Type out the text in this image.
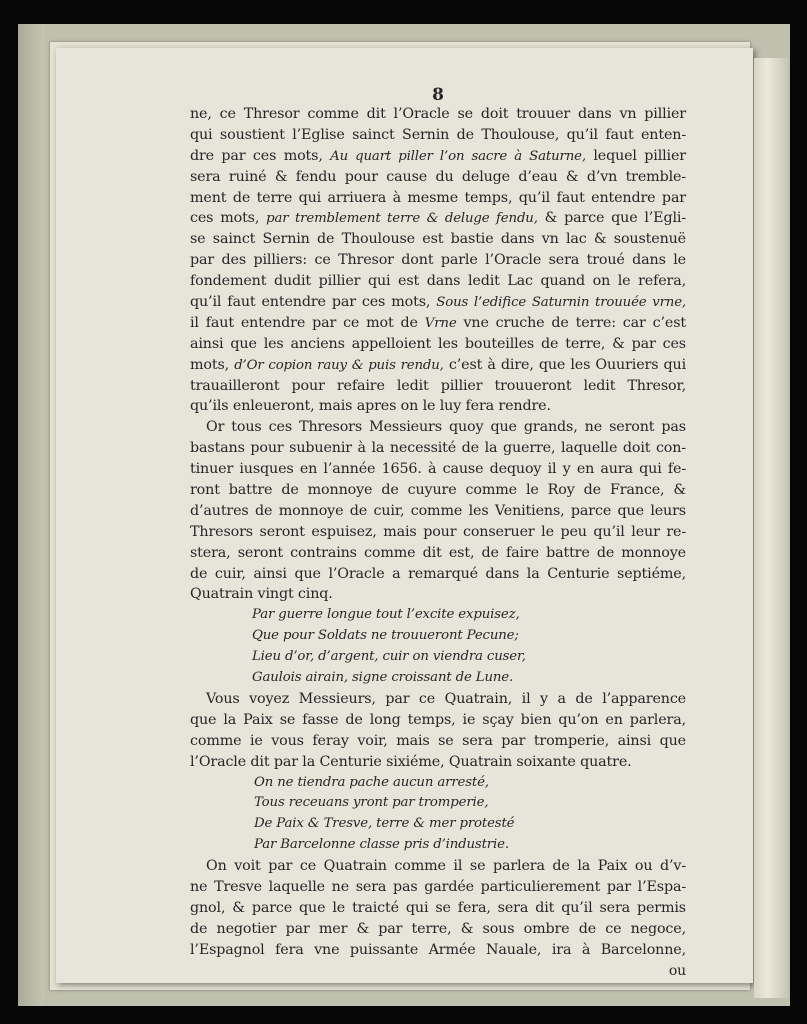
8
ne, ce Thresor comme dit l’Oracle se doit trouuer dans vn pillier
qui soustient l’Eglise sainct Sernin de Thoulouse, qu’il faut enten-
dre par ces mots, Au quart piller l’on sacre à Saturne, lequel pillier
sera ruiné & fendu pour cause du deluge d’eau & d’vn tremble-
ment de terre qui arriuera à mesme temps, qu’il faut entendre par
ces mots, par tremblement terre & deluge fendu, & parce que l’Egli-
se sainct Sernin de Thoulouse est bastie dans vn lac & soustenuë
par des pilliers: ce Thresor dont parle l’Oracle sera troué dans le
fondement dudit pillier qui est dans ledit Lac quand on le refera,
qu’il faut entendre par ces mots, Sous l’edifice Saturnin trouuée vrne,
il faut entendre par ce mot de Vrne vne cruche de terre: car c’est
ainsi que les anciens appelloient les bouteilles de terre, & par ces
mots, d’Or copion rauy & puis rendu, c’est à dire, que les Ouuriers qui
trauailleront pour refaire ledit pillier trouueront ledit Thresor,
qu’ils enleueront, mais apres on le luy fera rendre.
Or tous ces Thresors Messieurs quoy que grands, ne seront pas
bastans pour subuenir à la necessité de la guerre, laquelle doit con-
tinuer iusques en l’année 1656. à cause dequoy il y en aura qui fe-
ront battre de monnoye de cuyure comme le Roy de France, &
d’autres de monnoye de cuir, comme les Venitiens, parce que leurs
Thresors seront espuisez, mais pour conseruer le peu qu’il leur re-
stera, seront contrains comme dit est, de faire battre de monnoye
de cuir, ainsi que l’Oracle a remarqué dans la Centurie septiéme,
Quatrain vingt cinq.
Par guerre longue tout l’excite expuisez,
Que pour Soldats ne trouueront Pecune;
Lieu d’or, d’argent, cuir on viendra cuser,
Gaulois airain, signe croissant de Lune.
Vous voyez Messieurs, par ce Quatrain, il y a de l’apparence
que la Paix se fasse de long temps, ie sçay bien qu’on en parlera,
comme ie vous feray voir, mais se sera par tromperie, ainsi que
l’Oracle dit par la Centurie sixiéme, Quatrain soixante quatre.
On ne tiendra pache aucun arresté,
Tous receuans yront par tromperie,
De Paix & Tresve, terre & mer protesté
Par Barcelonne classe pris d’industrie.
On voit par ce Quatrain comme il se parlera de la Paix ou d’v-
ne Tresve laquelle ne sera pas gardée particulierement par l’Espa-
gnol, & parce que le traicté qui se fera, sera dit qu’il sera permis
de negotier par mer & par terre, & sous ombre de ce negoce,
l’Espagnol fera vne puissante Armée Nauale, ira à Barcelonne,
ou
